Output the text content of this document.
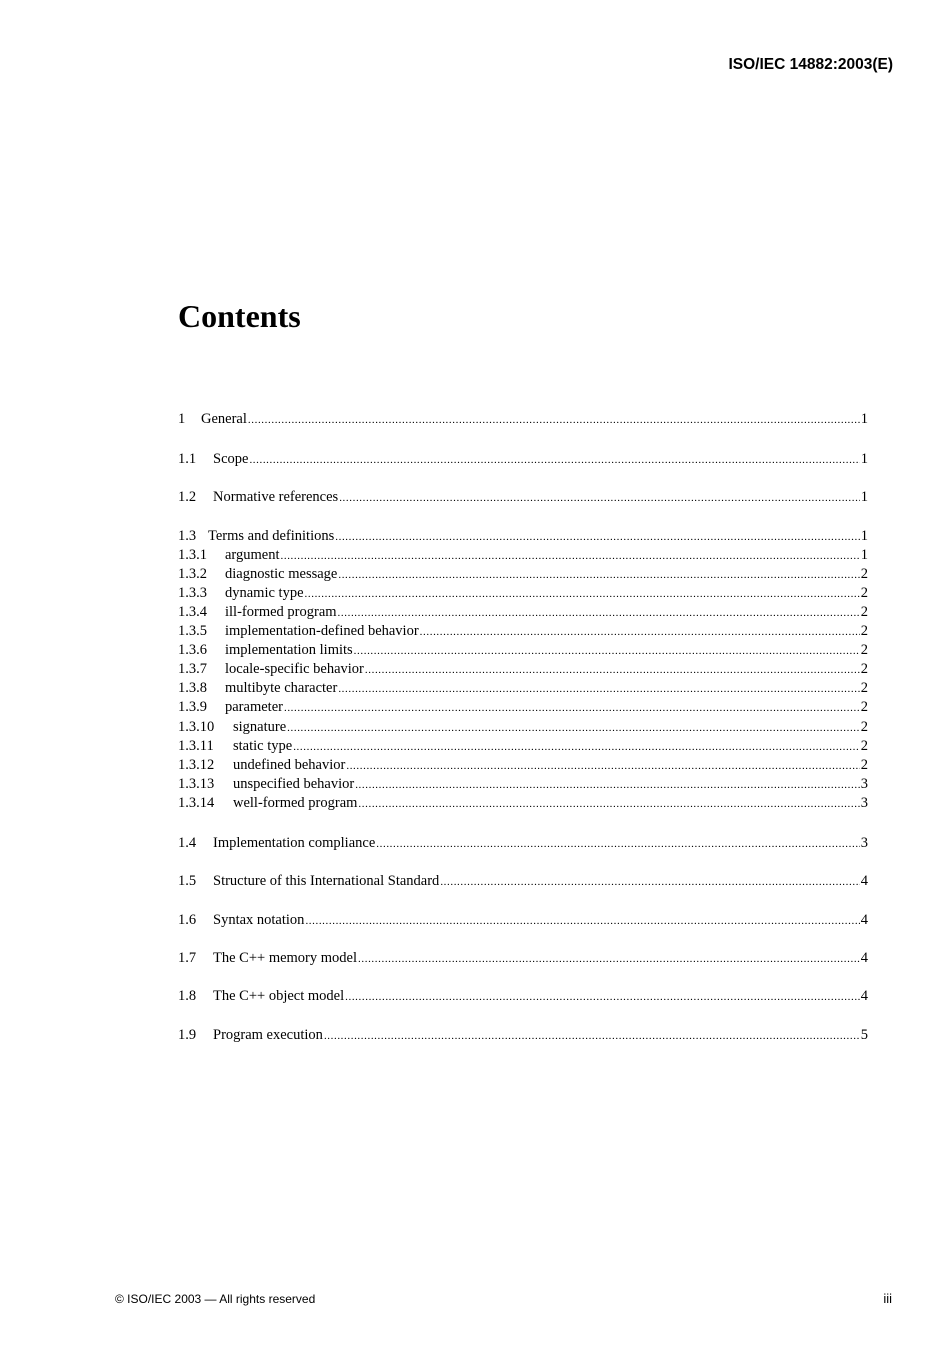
ISO/IEC 14882:2003(E)
Contents
1	General .....	1
1.1	Scope .....	1
1.2	Normative references .....	1
1.3 Terms and definitions .....	1
1.3.1	argument .....	1
1.3.2	diagnostic message .....	2
1.3.3	dynamic type .....	2
1.3.4	ill-formed program .....	2
1.3.5	implementation-defined behavior .....	2
1.3.6	implementation limits .....	2
1.3.7	locale-specific behavior .....	2
1.3.8	multibyte character .....	2
1.3.9	parameter .....	2
1.3.10	signature .....	2
1.3.11	static type .....	2
1.3.12	undefined behavior .....	2
1.3.13	unspecified behavior .....	3
1.3.14	well-formed program .....	3
1.4	Implementation compliance .....	3
1.5	Structure of this International Standard .....	4
1.6	Syntax notation .....	4
1.7	The C++ memory model .....	4
1.8	The C++ object model .....	4
1.9	Program execution .....	5
© ISO/IEC 2003 — All rights reserved	iii
